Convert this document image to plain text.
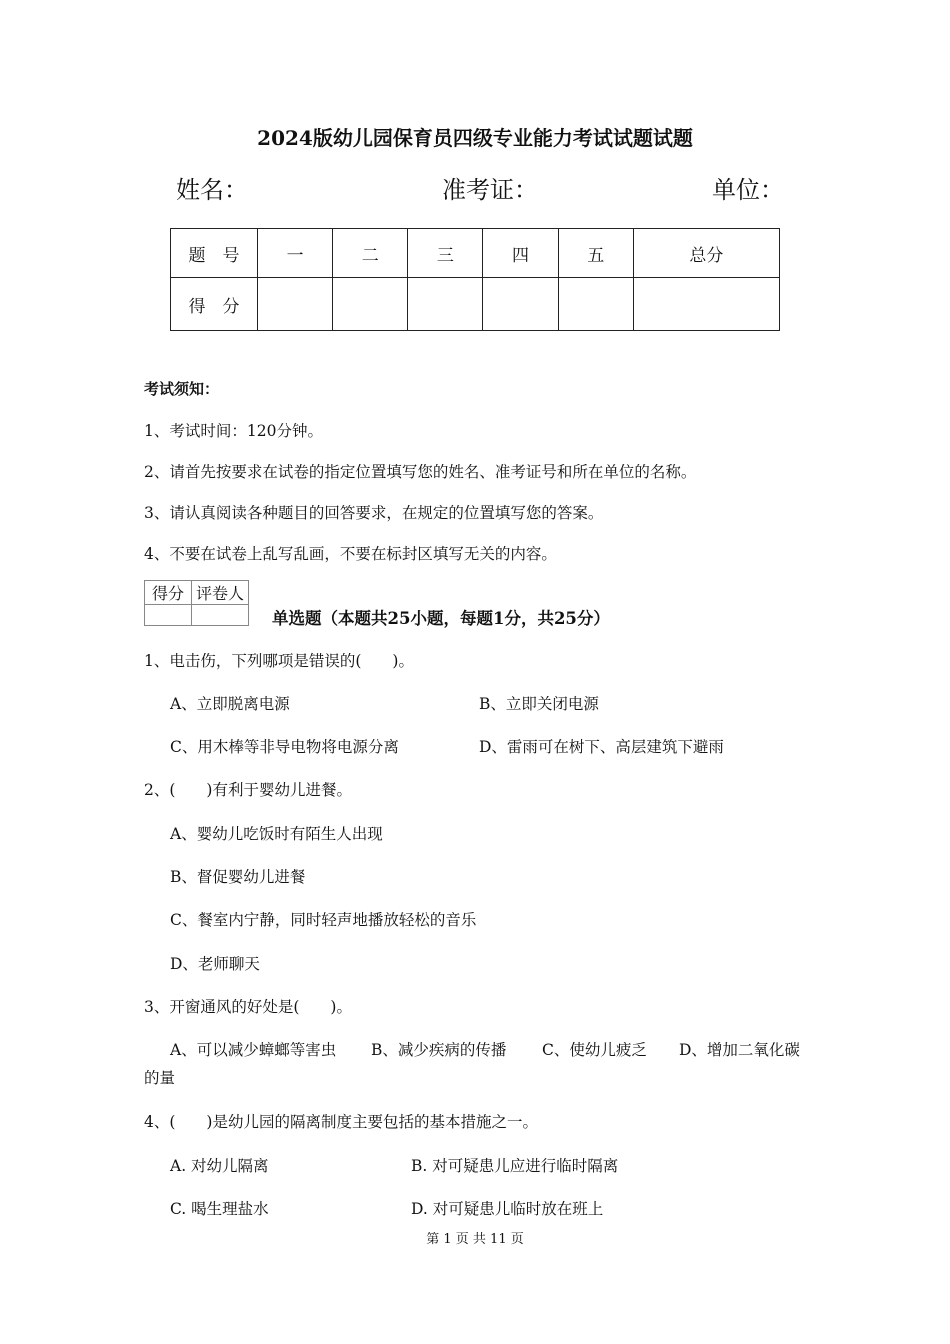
2024版幼儿园保育员四级专业能力考试试题试题
姓名：	准考证：	单位：
题　号	一	二	三	四	五	总分
得　分						
考试须知：
1、考试时间：120分钟。
2、请首先按要求在试卷的指定位置填写您的姓名、准考证号和所在单位的名称。
3、请认真阅读各种题目的回答要求，在规定的位置填写您的答案。
4、不要在试卷上乱写乱画，不要在标封区填写无关的内容。
得分	评卷人

单选题（本题共25小题，每题1分，共25分）
1、电击伤，下列哪项是错误的(　　)。
A、立即脱离电源	B、立即关闭电源
C、用木棒等非导电物将电源分离	D、雷雨可在树下、高层建筑下避雨
2、(　　)有利于婴幼儿进餐。
A、婴幼儿吃饭时有陌生人出现
B、督促婴幼儿进餐
C、餐室内宁静，同时轻声地播放轻松的音乐
D、老师聊天
3、开窗通风的好处是(　　)。
A、可以减少蟑螂等害虫 B、减少疾病的传播 C、使幼儿疲乏 D、增加二氧化碳
的量
4、(　　)是幼儿园的隔离制度主要包括的基本措施之一。
A. 对幼儿隔离	B. 对可疑患儿应进行临时隔离
C. 喝生理盐水	D. 对可疑患儿临时放在班上
第 1 页 共 11 页
